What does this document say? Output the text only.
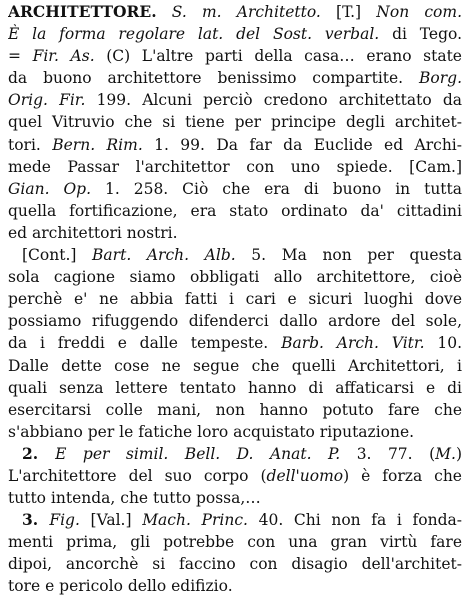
ARCHITETTORE. S. m. Architetto. [T.] Non com.
È la forma regolare lat. del Sost. verbal. di Tego.
= Fir. As. (C) L'altre parti della casa… erano state
da buono architettore benissimo compartite. Borg.
Orig. Fir. 199. Alcuni perciò credono architettato da
quel Vitruvio che si tiene per principe degli architet-
tori. Bern. Rim. 1. 99. Da far da Euclide ed Archi-
mede Passar l'architettor con uno spiede. [Cam.]
Gian. Op. 1. 258. Ciò che era di buono in tutta
quella fortificazione, era stato ordinato da' cittadini
ed architettori nostri.
[Cont.] Bart. Arch. Alb. 5. Ma non per questa
sola cagione siamo obbligati allo architettore, cioè
perchè e' ne abbia fatti i cari e sicuri luoghi dove
possiamo rifuggendo difenderci dallo ardore del sole,
da i freddi e dalle tempeste. Barb. Arch. Vitr. 10.
Dalle dette cose ne segue che quelli Architettori, i
quali senza lettere tentato hanno di affaticarsi e di
esercitarsi colle mani, non hanno potuto fare che
s'abbiano per le fatiche loro acquistato riputazione.
2. E per simil. Bell. D. Anat. P. 3. 77. (M.)
L'architettore del suo corpo (dell'uomo) è forza che
tutto intenda, che tutto possa,…
3. Fig. [Val.] Mach. Princ. 40. Chi non fa i fonda-
menti prima, gli potrebbe con una gran virtù fare
dipoi, ancorchè si faccino con disagio dell'architet-
tore e pericolo dello edifizio.
